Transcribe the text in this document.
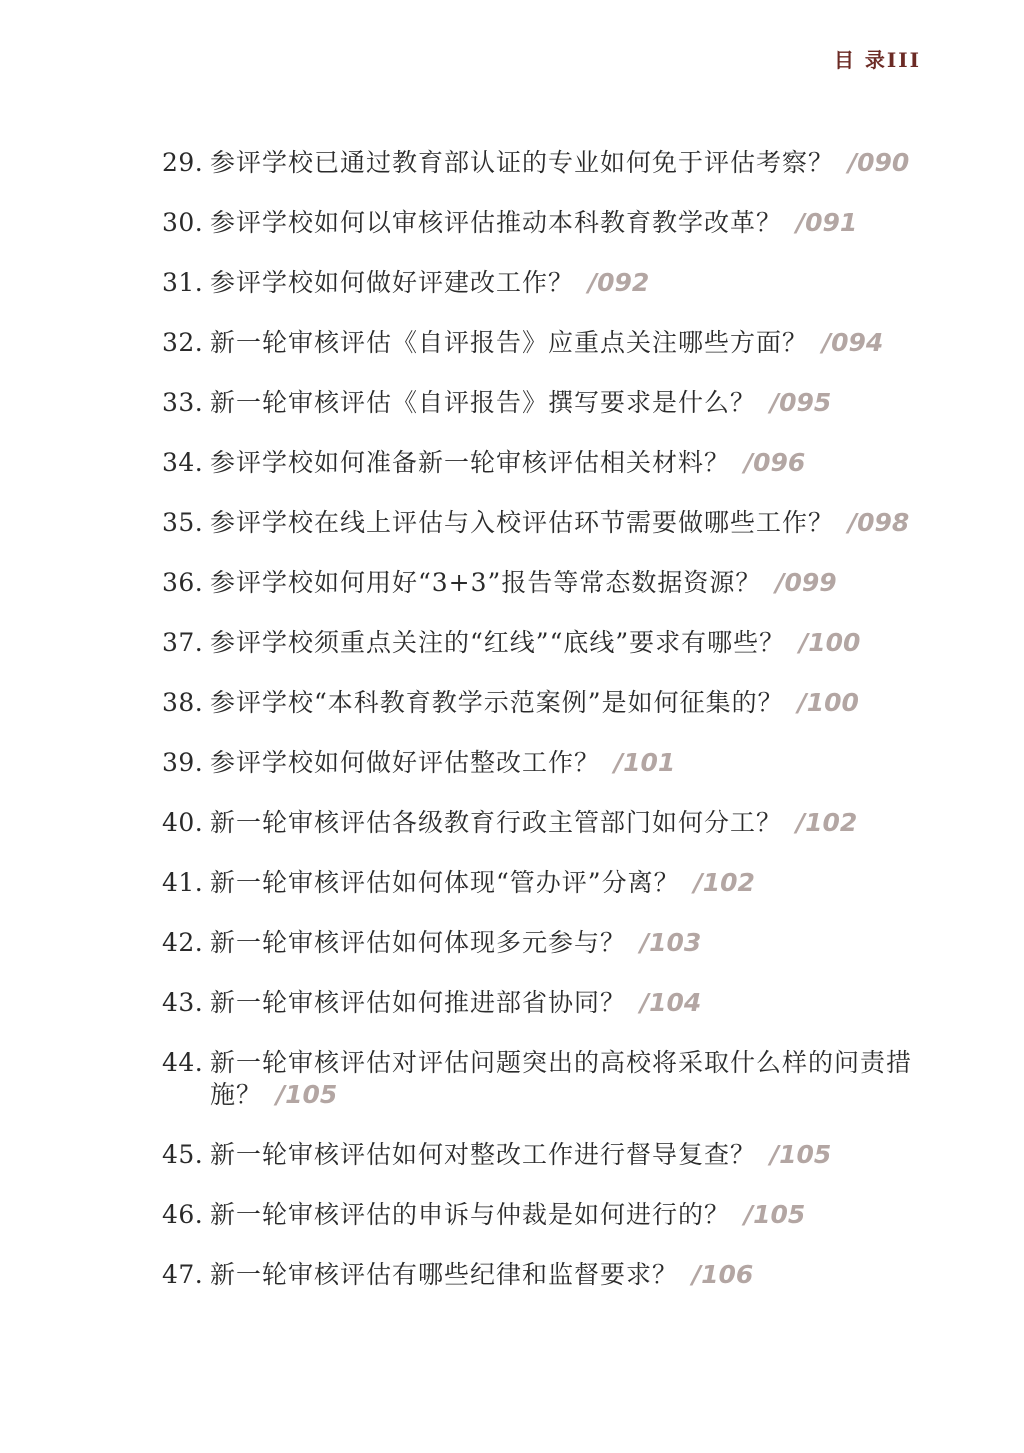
目 录III
29. 参评学校已通过教育部认证的专业如何免于评估考察？ /090
30. 参评学校如何以审核评估推动本科教育教学改革？ /091
31. 参评学校如何做好评建改工作？ /092
32. 新一轮审核评估《自评报告》应重点关注哪些方面？ /094
33. 新一轮审核评估《自评报告》撰写要求是什么？ /095
34. 参评学校如何准备新一轮审核评估相关材料？ /096
35. 参评学校在线上评估与入校评估环节需要做哪些工作？ /098
36. 参评学校如何用好“3+3”报告等常态数据资源？ /099
37. 参评学校须重点关注的“红线”“底线”要求有哪些？ /100
38. 参评学校“本科教育教学示范案例”是如何征集的？ /100
39. 参评学校如何做好评估整改工作？ /101
40. 新一轮审核评估各级教育行政主管部门如何分工？ /102
41. 新一轮审核评估如何体现“管办评”分离？ /102
42. 新一轮审核评估如何体现多元参与？ /103
43. 新一轮审核评估如何推进部省协同？ /104
44. 新一轮审核评估对评估问题突出的高校将采取什么样的问责措施？ /105
45. 新一轮审核评估如何对整改工作进行督导复查？ /105
46. 新一轮审核评估的申诉与仲裁是如何进行的？ /105
47. 新一轮审核评估有哪些纪律和监督要求？ /106
